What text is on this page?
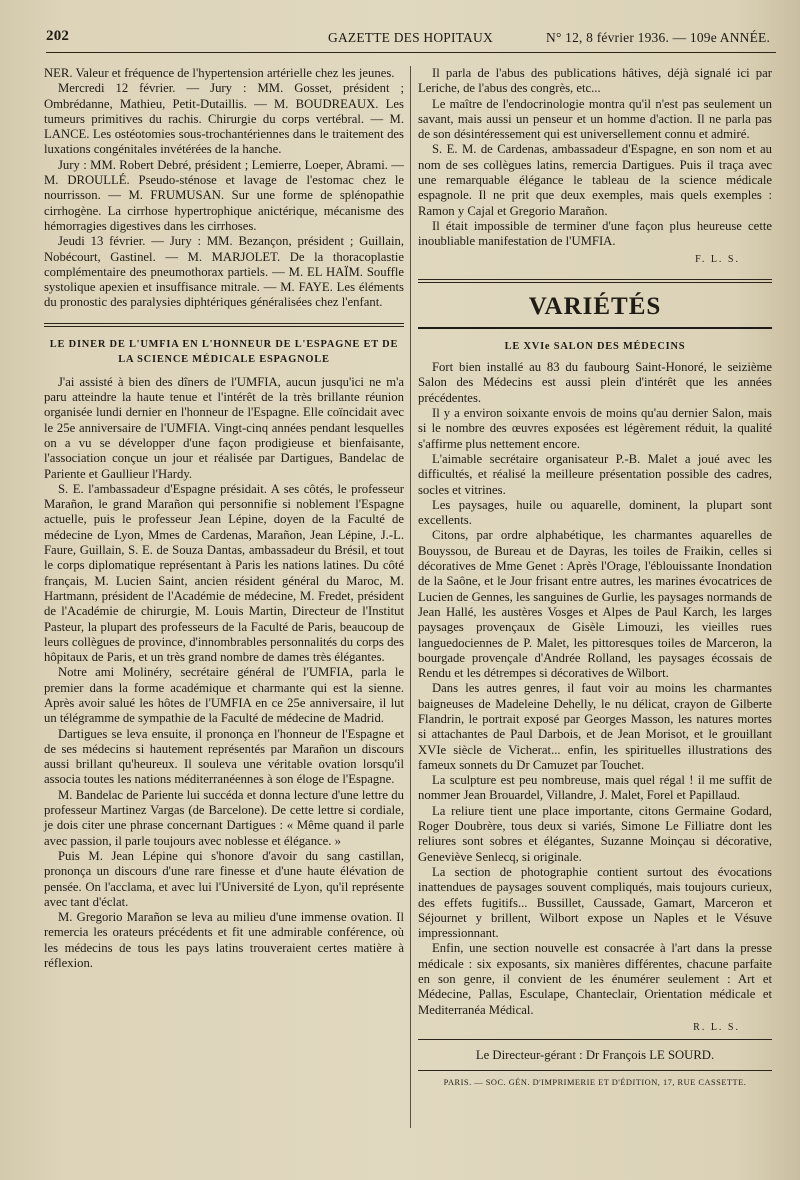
202	GAZETTE DES HOPITAUX	N° 12, 8 février 1936. — 109e ANNÉE.

NER. Valeur et fréquence de l'hypertension artérielle chez les jeunes.

Mercredi 12 février. — Jury : MM. Gosset, président ; Ombrédanne, Mathieu, Petit-Dutaillis. — M. BOUDREAUX. Les tumeurs primitives du rachis. Chirurgie du corps vertébral. — M. LANCE. Les ostéotomies sous-trochantériennes dans le traitement des luxations congénitales invétérées de la hanche.

Jury : MM. Robert Debré, président ; Lemierre, Loeper, Abrami. — M. DROULLÉ. Pseudo-sténose et lavage de l'estomac chez le nourrisson. — M. FRUMUSAN. Sur une forme de splénopathie cirrhogène. La cirrhose hypertrophique anictérique, mécanisme des hémorragies digestives dans les cirrhoses.

Jeudi 13 février. — Jury : MM. Bezançon, président ; Guillain, Nobécourt, Gastinel. — M. MARJOLET. De la thoracoplastie complémentaire des pneumothorax partiels. — M. EL HAÏM. Souffle systolique apexien et insuffisance mitrale. — M. FAYE. Les éléments du pronostic des paralysies diphtériques généralisées chez l'enfant.

LE DINER DE L'UMFIA EN L'HONNEUR DE L'ESPAGNE ET DE LA SCIENCE MÉDICALE ESPAGNOLE

J'ai assisté à bien des dîners de l'UMFIA, aucun jusqu'ici ne m'a paru atteindre la haute tenue et l'intérêt de la très brillante réunion organisée lundi dernier en l'honneur de l'Espagne. Elle coïncidait avec le 25e anniversaire de l'UMFIA. Vingt-cinq années pendant lesquelles on a vu se développer d'une façon prodigieuse et bienfaisante, l'association conçue un jour et réalisée par Dartigues, Bandelac de Pariente et Gaullieur l'Hardy.

S. E. l'ambassadeur d'Espagne présidait. A ses côtés, le professeur Marañon, le grand Marañon qui personnifie si noblement l'Espagne actuelle, puis le professeur Jean Lépine, doyen de la Faculté de médecine de Lyon, Mmes de Cardenas, Marañon, Jean Lépine, J.-L. Faure, Guillain, S. E. de Souza Dantas, ambassadeur du Brésil, et tout le corps diplomatique représentant à Paris les nations latines. Du côté français, M. Lucien Saint, ancien résident général du Maroc, M. Hartmann, président de l'Académie de médecine, M. Fredet, président de l'Académie de chirurgie, M. Louis Martin, Directeur de l'Institut Pasteur, la plupart des professeurs de la Faculté de Paris, beaucoup de leurs collègues de province, d'innombrables personnalités du corps des hôpitaux de Paris, et un très grand nombre de dames très élégantes.

Notre ami Molinéry, secrétaire général de l'UMFIA, parla le premier dans la forme académique et charmante qui est la sienne. Après avoir salué les hôtes de l'UMFIA en ce 25e anniversaire, il lut un télégramme de sympathie de la Faculté de médecine de Madrid.

Dartigues se leva ensuite, il prononça en l'honneur de l'Espagne et de ses médecins si hautement représentés par Marañon un discours aussi brillant qu'heureux. Il souleva une véritable ovation lorsqu'il associa toutes les nations méditerranéennes à son éloge de l'Espagne.

M. Bandelac de Pariente lui succéda et donna lecture d'une lettre du professeur Martinez Vargas (de Barcelone). De cette lettre si cordiale, je dois citer une phrase concernant Dartigues : « Même quand il parle avec passion, il parle toujours avec noblesse et élégance. »

Puis M. Jean Lépine qui s'honore d'avoir du sang castillan, prononça un discours d'une rare finesse et d'une haute élévation de pensée. On l'acclama, et avec lui l'Université de Lyon, qu'il représente avec tant d'éclat.

M. Gregorio Marañon se leva au milieu d'une immense ovation. Il remercia les orateurs précédents et fit une admirable conférence, où les médecins de tous les pays latins trouveraient certes matière à réflexion.

Il parla de l'abus des publications hâtives, déjà signalé ici par Leriche, de l'abus des congrès, etc...

Le maître de l'endocrinologie montra qu'il n'est pas seulement un savant, mais aussi un penseur et un homme d'action. Il ne parla pas de son désintéressement qui est universellement connu et admiré.

S. E. M. de Cardenas, ambassadeur d'Espagne, en son nom et au nom de ses collègues latins, remercia Dartigues. Puis il traça avec une remarquable élégance le tableau de la science médicale espagnole. Il ne prit que deux exemples, mais quels exemples : Ramon y Cajal et Gregorio Marañon.

Il était impossible de terminer d'une façon plus heureuse cette inoubliable manifestation de l'UMFIA.

F. L. S.
VARIÉTÉS
LE XVIe SALON DES MÉDECINS

Fort bien installé au 83 du faubourg Saint-Honoré, le seizième Salon des Médecins est aussi plein d'intérêt que les années précédentes.

Il y a environ soixante envois de moins qu'au dernier Salon, mais si le nombre des œuvres exposées est légèrement réduit, la qualité s'affirme plus nettement encore.

L'aimable secrétaire organisateur P.-B. Malet a joué avec les difficultés, et réalisé la meilleure présentation possible des cadres, socles et vitrines.

Les paysages, huile ou aquarelle, dominent, la plupart sont excellents.

Citons, par ordre alphabétique, les charmantes aquarelles de Bouyssou, de Bureau et de Dayras, les toiles de Fraikin, celles si décoratives de Mme Genet : Après l'Orage, l'éblouissante Inondation de la Saône, et le Jour frisant entre autres, les marines évocatrices de Lucien de Gennes, les sanguines de Gurlie, les paysages normands de Jean Hallé, les austères Vosges et Alpes de Paul Karch, les larges paysages provençaux de Gisèle Limouzi, les vieilles rues languedociennes de P. Malet, les pittoresques toiles de Marceron, la bourgade provençale d'Andrée Rolland, les paysages écossais de Rendu et les détrempes si décoratives de Wilbort.

Dans les autres genres, il faut voir au moins les charmantes baigneuses de Madeleine Dehelly, le nu délicat, crayon de Gilberte Flandrin, le portrait exposé par Georges Masson, les natures mortes si attachantes de Paul Darbois, et de Jean Morisot, et le grouillant XVIe siècle de Vicherat... enfin, les spirituelles illustrations des fameux sonnets du Dr Camuzet par Touchet.

La sculpture est peu nombreuse, mais quel régal ! il me suffit de nommer Jean Brouardel, Villandre, J. Malet, Forel et Papillaud.

La reliure tient une place importante, citons Germaine Godard, Roger Doubrère, tous deux si variés, Simone Le Filliatre dont les reliures sont sobres et élégantes, Suzanne Moinçau si décorative, Geneviève Senlecq, si originale.

La section de photographie contient surtout des évocations inattendues de paysages souvent compliqués, mais toujours curieux, des effets fugitifs... Bussillet, Caussade, Gamart, Marceron et Séjournet y brillent, Wilbort expose un Naples et le Vésuve impressionnant.

Enfin, une section nouvelle est consacrée à l'art dans la presse médicale : six exposants, six manières différentes, chacune parfaite en son genre, il convient de les énumérer seulement : Art et Médecine, Pallas, Esculape, Chanteclair, Orientation médicale et Mediterranéa Médical.

R. L. S.
Le Directeur-gérant : Dr François LE SOURD.
PARIS. — SOC. GÉN. D'IMPRIMERIE ET D'ÉDITION, 17, RUE CASSETTE.
